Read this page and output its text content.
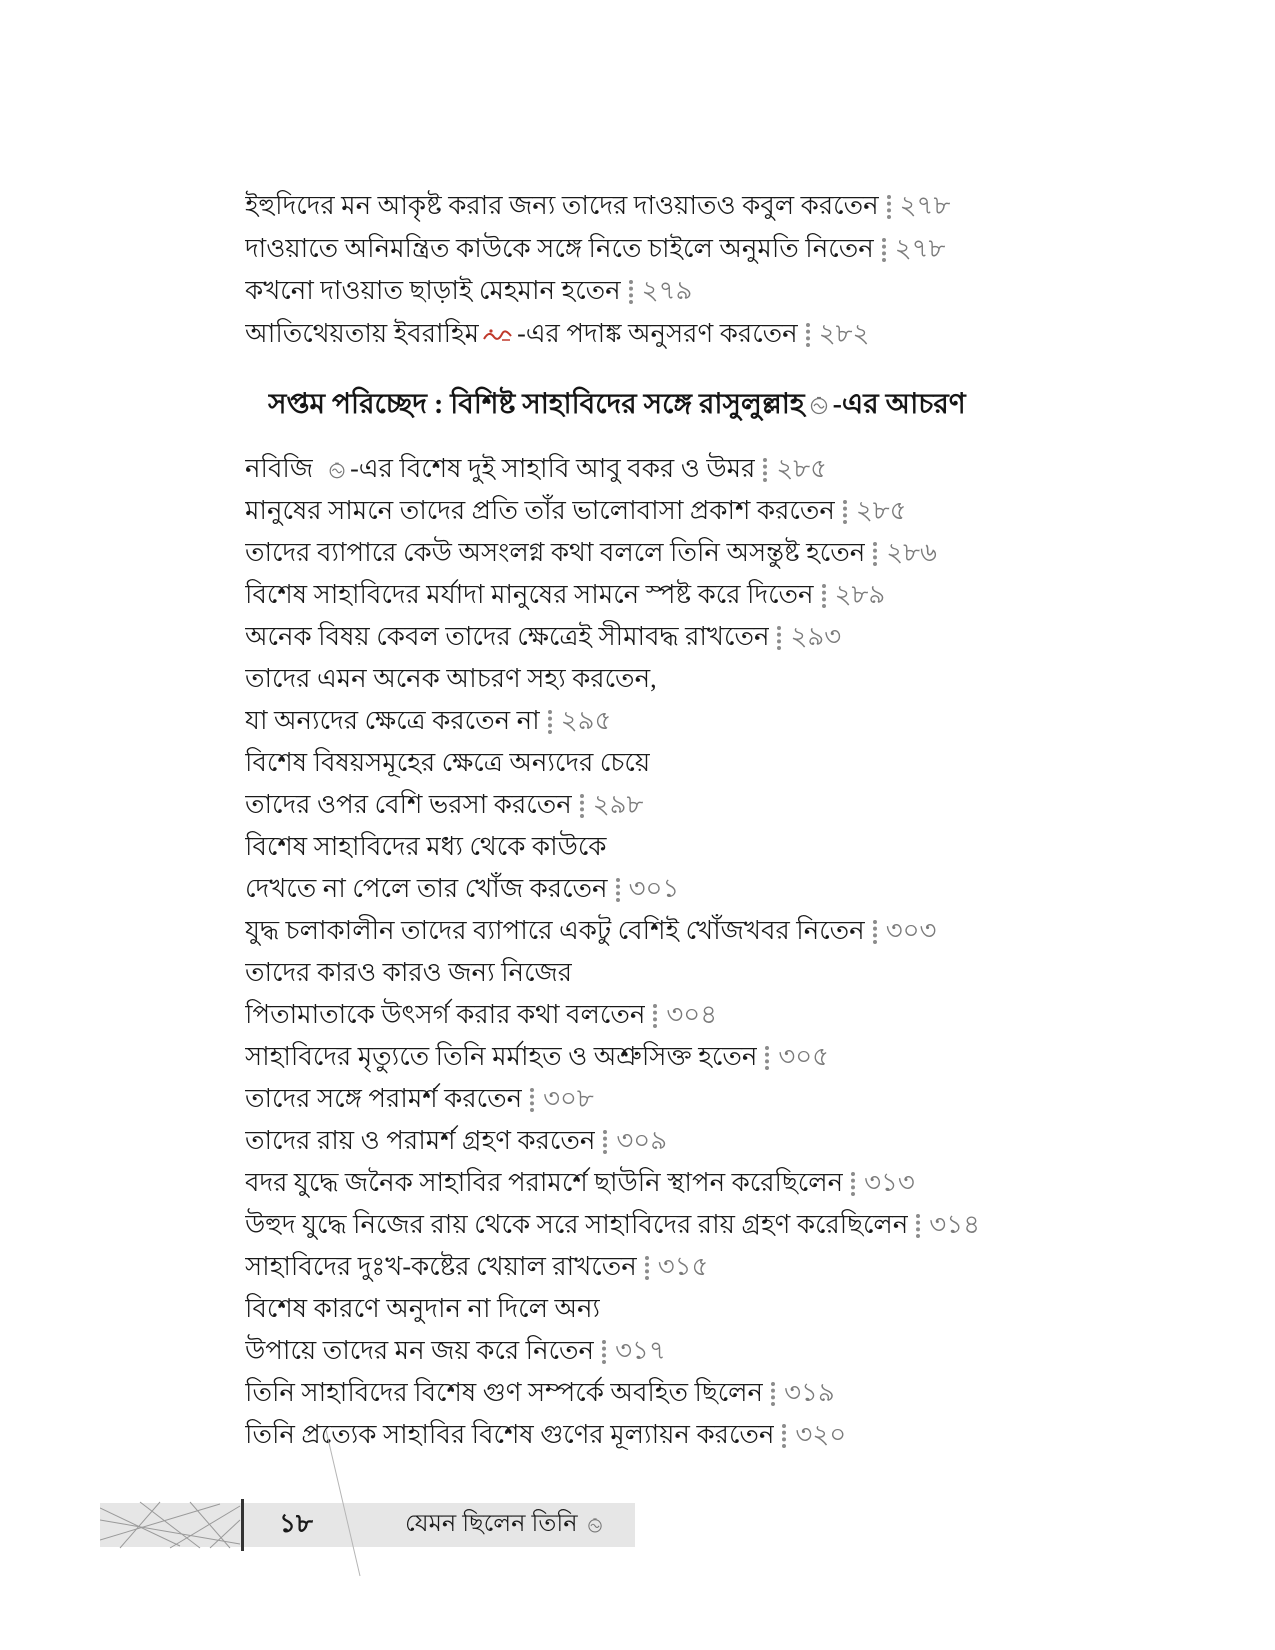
ইহুদিদের মন আকৃষ্ট করার জন্য তাদের দাওয়াতও কবুল করতেন ২৭৮
দাওয়াতে অনিমন্ত্রিত কাউকে সঙ্গে নিতে চাইলে অনুমতি নিতেন ২৭৮
কখনো দাওয়াত ছাড়াই মেহমান হতেন ২৭৯
আতিথেয়তায় ইবরাহিম -এর পদাঙ্ক অনুসরণ করতেন ২৮২
সপ্তম পরিচ্ছেদ : বিশিষ্ট সাহাবিদের সঙ্গে রাসুলুল্লাহ -এর আচরণ
নবিজি -এর বিশেষ দুই সাহাবি আবু বকর ও উমর ২৮৫
মানুষের সামনে তাদের প্রতি তাঁর ভালোবাসা প্রকাশ করতেন ২৮৫
তাদের ব্যাপারে কেউ অসংলগ্ন কথা বললে তিনি অসন্তুষ্ট হতেন ২৮৬
বিশেষ সাহাবিদের মর্যাদা মানুষের সামনে স্পষ্ট করে দিতেন ২৮৯
অনেক বিষয় কেবল তাদের ক্ষেত্রেই সীমাবদ্ধ রাখতেন ২৯৩
তাদের এমন অনেক আচরণ সহ্য করতেন,
যা অন্যদের ক্ষেত্রে করতেন না ২৯৫
বিশেষ বিষয়সমূহের ক্ষেত্রে অন্যদের চেয়ে
তাদের ওপর বেশি ভরসা করতেন ২৯৮
বিশেষ সাহাবিদের মধ্য থেকে কাউকে
দেখতে না পেলে তার খোঁজ করতেন ৩০১
যুদ্ধ চলাকালীন তাদের ব্যাপারে একটু বেশিই খোঁজখবর নিতেন ৩০৩
তাদের কারও কারও জন্য নিজের
পিতামাতাকে উৎসর্গ করার কথা বলতেন ৩০৪
সাহাবিদের মৃত্যুতে তিনি মর্মাহত ও অশ্রুসিক্ত হতেন ৩০৫
তাদের সঙ্গে পরামর্শ করতেন ৩০৮
তাদের রায় ও পরামর্শ গ্রহণ করতেন ৩০৯
বদর যুদ্ধে জনৈক সাহাবির পরামর্শে ছাউনি স্থাপন করেছিলেন ৩১৩
উহুদ যুদ্ধে নিজের রায় থেকে সরে সাহাবিদের রায় গ্রহণ করেছিলেন ৩১৪
সাহাবিদের দুঃখ-কষ্টের খেয়াল রাখতেন ৩১৫
বিশেষ কারণে অনুদান না দিলে অন্য
উপায়ে তাদের মন জয় করে নিতেন ৩১৭
তিনি সাহাবিদের বিশেষ গুণ সম্পর্কে অবহিত ছিলেন ৩১৯
তিনি প্রত্যেক সাহাবির বিশেষ গুণের মূল্যায়ন করতেন ৩২০
১৮	যেমন ছিলেন তিনি
